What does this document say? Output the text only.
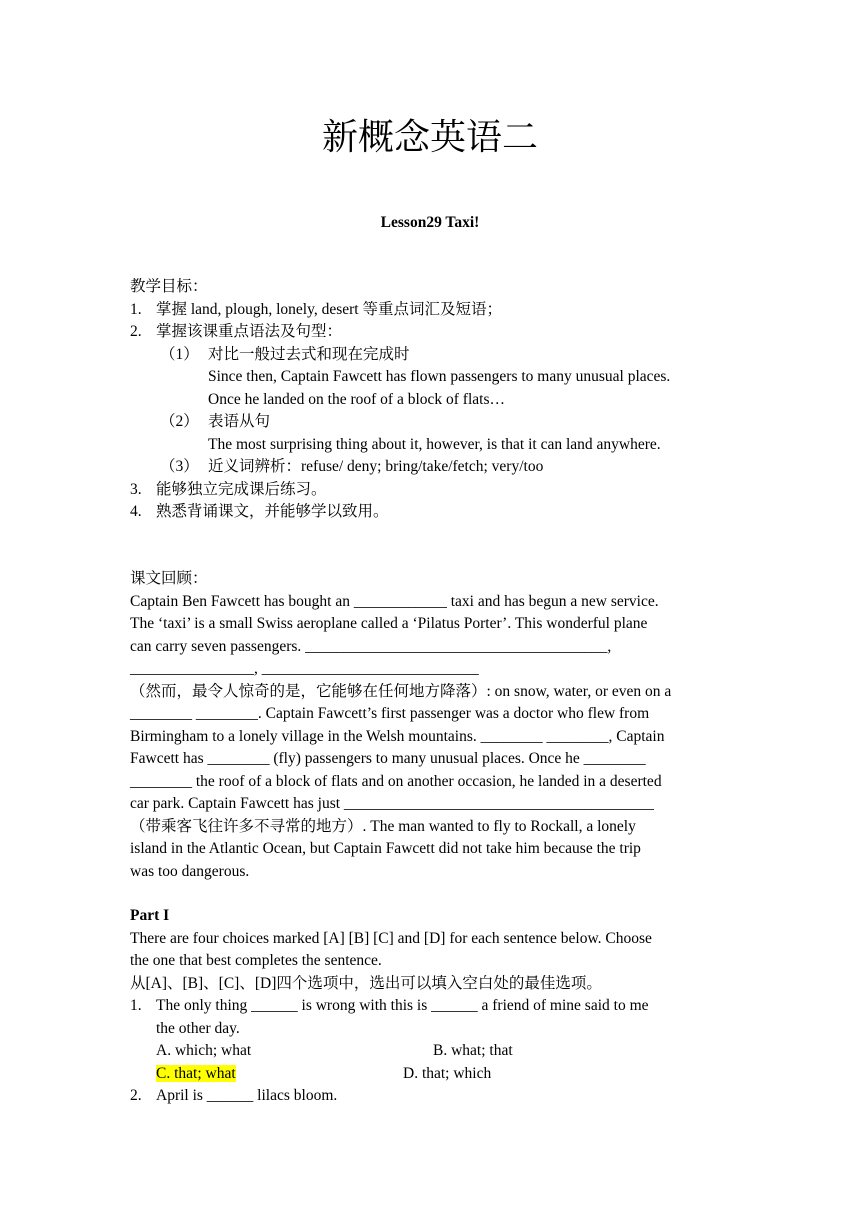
新概念英语二
Lesson29 Taxi!
教学目标：
1. 掌握 land, plough, lonely, desert 等重点词汇及短语；
2. 掌握该课重点语法及句型：
（1） 对比一般过去式和现在完成时
Since then, Captain Fawcett has flown passengers to many unusual places.
Once he landed on the roof of a block of flats…
（2） 表语从句
The most surprising thing about it, however, is that it can land anywhere.
（3） 近义词辨析：refuse/ deny; bring/take/fetch; very/too
3. 能够独立完成课后练习。
4. 熟悉背诵课文，并能够学以致用。
课文回顾：
Captain Ben Fawcett has bought an ____________ taxi and has begun a new service.
The ‘taxi’ is a small Swiss aeroplane called a ‘Pilatus Porter’. This wonderful plane
can carry seven passengers. _______________________________________,
________________, ____________________________
（然而，最令人惊奇的是，它能够在任何地方降落）: on snow, water, or even on a
________ ________. Captain Fawcett’s first passenger was a doctor who flew from
Birmingham to a lonely village in the Welsh mountains. ________ ________, Captain
Fawcett has ________ (fly) passengers to many unusual places. Once he ________
________ the roof of a block of flats and on another occasion, he landed in a deserted
car park. Captain Fawcett has just ________________________________________
（带乘客飞往许多不寻常的地方）. The man wanted to fly to Rockall, a lonely
island in the Atlantic Ocean, but Captain Fawcett did not take him because the trip
was too dangerous.
Part I
There are four choices marked [A] [B] [C] and [D] for each sentence below. Choose
the one that best completes the sentence.
从[A]、[B]、[C]、[D]四个选项中，选出可以填入空白处的最佳选项。
1. The only thing ______ is wrong with this is ______ a friend of mine said to me
the other day.
A. which; what	B. what; that
C. that; what	D. that; which
2. April is ______ lilacs bloom.
